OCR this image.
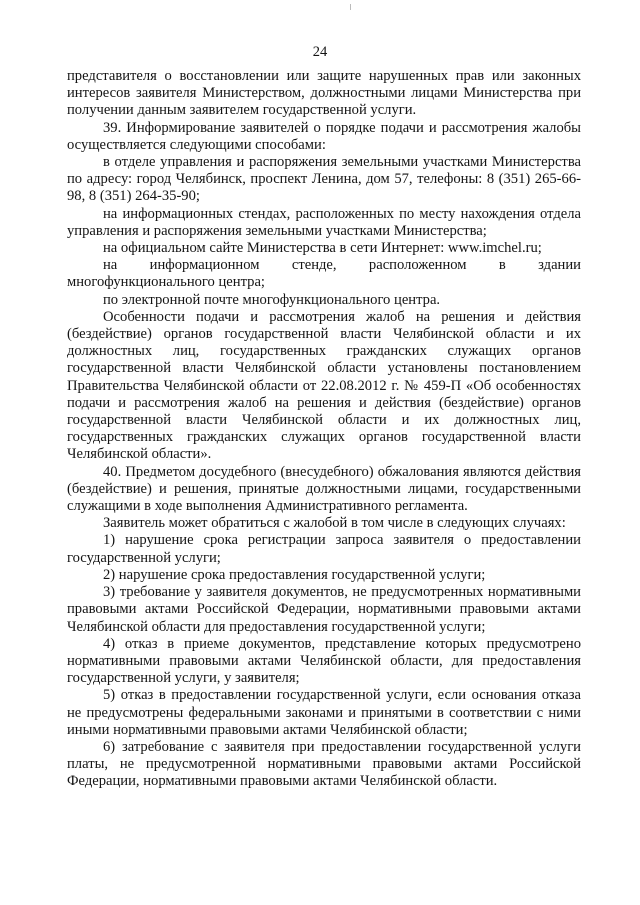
24

представителя о восстановлении или защите нарушенных прав или законных интересов заявителя Министерством, должностными лицами Министерства при получении данным заявителем государственной услуги.

39. Информирование заявителей о порядке подачи и рассмотрения жалобы осуществляется следующими способами:

в отделе управления и распоряжения земельными участками Министерства по адресу: город Челябинск, проспект Ленина, дом 57, телефоны: 8 (351) 265-66-98, 8 (351) 264-35-90;

на информационных стендах, расположенных по месту нахождения отдела управления и распоряжения земельными участками Министерства;

на официальном сайте Министерства в сети Интернет: www.imchel.ru;

на информационном стенде, расположенном в здании многофункционального центра;

по электронной почте многофункционального центра.

Особенности подачи и рассмотрения жалоб на решения и действия (бездействие) органов государственной власти Челябинской области и их должностных лиц, государственных гражданских служащих органов государственной власти Челябинской области установлены постановлением Правительства Челябинской области от 22.08.2012 г. № 459-П «Об особенностях подачи и рассмотрения жалоб на решения и действия (бездействие) органов государственной власти Челябинской области и их должностных лиц, государственных гражданских служащих органов государственной власти Челябинской области».

40. Предметом досудебного (внесудебного) обжалования являются действия (бездействие) и решения, принятые должностными лицами, государственными служащими в ходе выполнения Административного регламента.

Заявитель может обратиться с жалобой в том числе в следующих случаях:

1) нарушение срока регистрации запроса заявителя о предоставлении государственной услуги;

2) нарушение срока предоставления государственной услуги;

3) требование у заявителя документов, не предусмотренных нормативными правовыми актами Российской Федерации, нормативными правовыми актами Челябинской области для предоставления государственной услуги;

4) отказ в приеме документов, представление которых предусмотрено нормативными правовыми актами Челябинской области, для предоставления государственной услуги, у заявителя;

5) отказ в предоставлении государственной услуги, если основания отказа не предусмотрены федеральными законами и принятыми в соответствии с ними иными нормативными правовыми актами Челябинской области;

6) затребование с заявителя при предоставлении государственной услуги платы, не предусмотренной нормативными правовыми актами Российской Федерации, нормативными правовыми актами Челябинской области.
